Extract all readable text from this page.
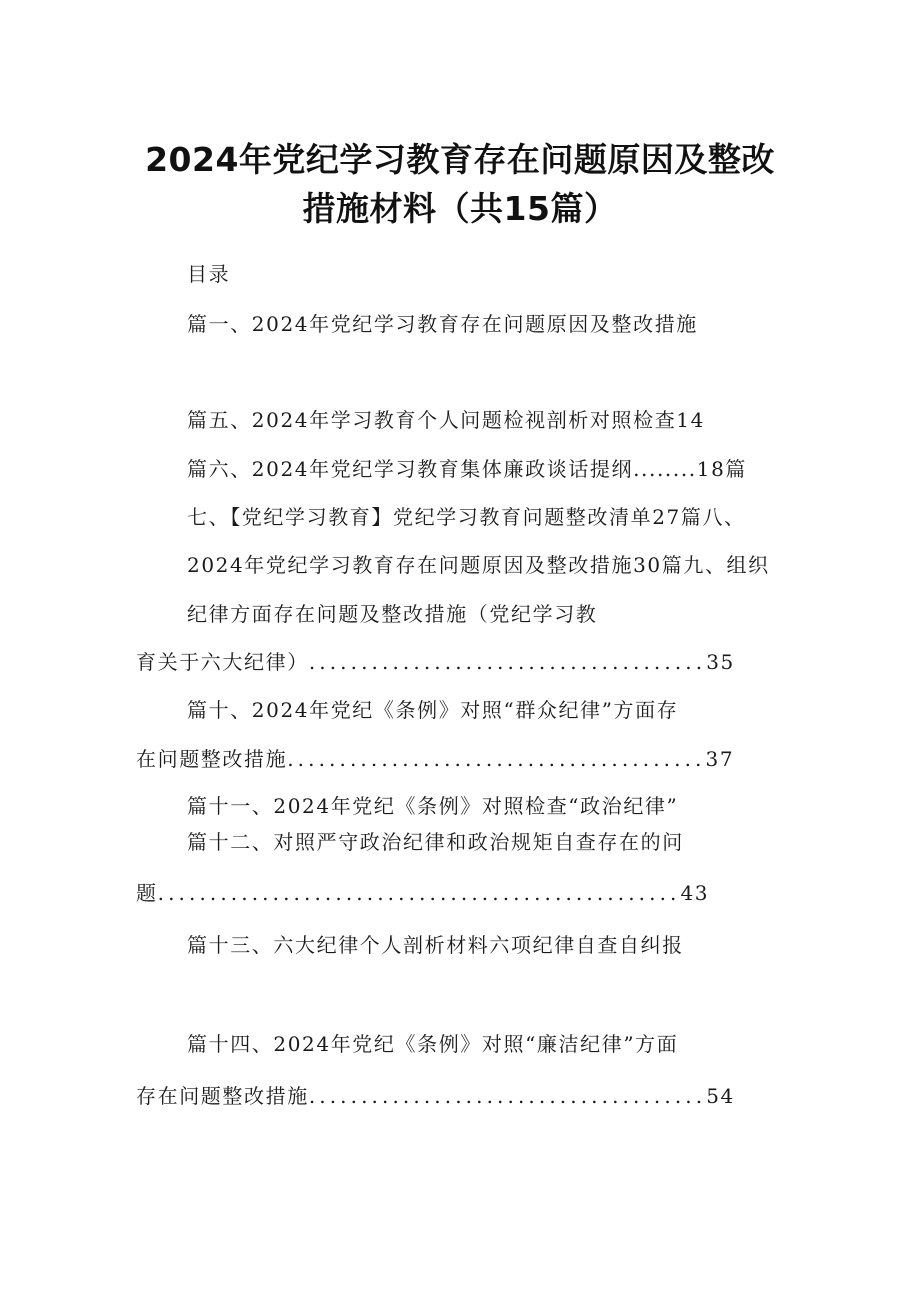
2024年党纪学习教育存在问题原因及整改
措施材料（共15篇）
目录
篇一、2024年党纪学习教育存在问题原因及整改措施
篇五、2024年学习教育个人问题检视剖析对照检查14
篇六、2024年党纪学习教育集体廉政谈话提纲........18篇
七、【党纪学习教育】党纪学习教育问题整改清单27篇八、
2024年党纪学习教育存在问题原因及整改措施30篇九、组织
纪律方面存在问题及整改措施（党纪学习教
育关于六大纪律）......................................35
篇十、2024年党纪《条例》对照“群众纪律”方面存
在问题整改措施........................................37
篇十一、2024年党纪《条例》对照检查“政治纪律”
篇十二、对照严守政治纪律和政治规矩自查存在的问
题..................................................43
篇十三、六大纪律个人剖析材料六项纪律自查自纠报
篇十四、2024年党纪《条例》对照“廉洁纪律”方面
存在问题整改措施......................................54
